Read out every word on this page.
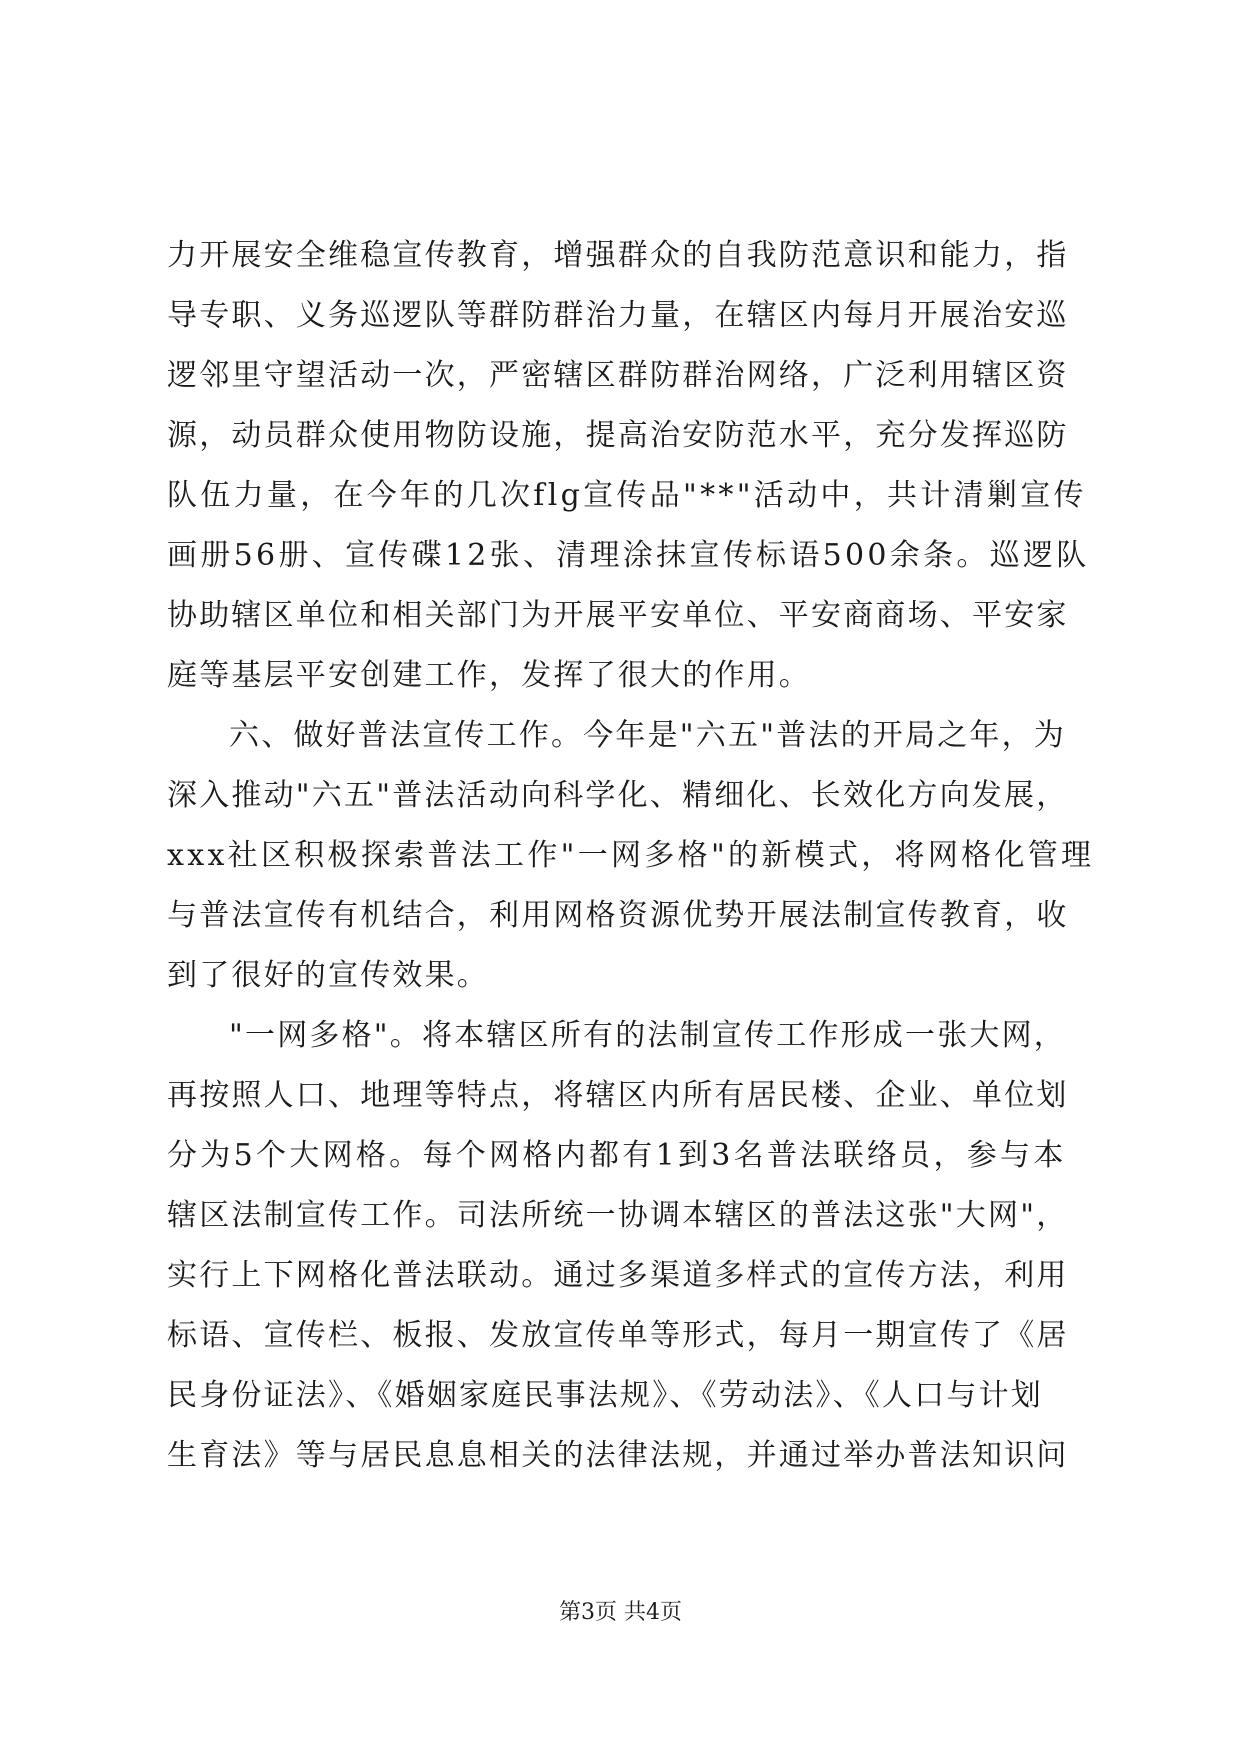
力开展安全维稳宣传教育，增强群众的自我防范意识和能力，指
导专职、义务巡逻队等群防群治力量，在辖区内每月开展治安巡
逻邻里守望活动一次，严密辖区群防群治网络，广泛利用辖区资
源，动员群众使用物防设施，提高治安防范水平，充分发挥巡防
队伍力量，在今年的几次flg宣传品"**"活动中，共计清剿宣传
画册56册、宣传碟12张、清理涂抹宣传标语500余条。巡逻队
协助辖区单位和相关部门为开展平安单位、平安商商场、平安家
庭等基层平安创建工作，发挥了很大的作用。
六、做好普法宣传工作。今年是"六五"普法的开局之年，为
深入推动"六五"普法活动向科学化、精细化、长效化方向发展，
xxx社区积极探索普法工作"一网多格"的新模式，将网格化管理
与普法宣传有机结合，利用网格资源优势开展法制宣传教育，收
到了很好的宣传效果。
"一网多格"。将本辖区所有的法制宣传工作形成一张大网，
再按照人口、地理等特点，将辖区内所有居民楼、企业、单位划
分为5个大网格。每个网格内都有1到3名普法联络员，参与本
辖区法制宣传工作。司法所统一协调本辖区的普法这张"大网"，
实行上下网格化普法联动。通过多渠道多样式的宣传方法，利用
标语、宣传栏、板报、发放宣传单等形式，每月一期宣传了《居
民身份证法》、《婚姻家庭民事法规》、《劳动法》、《人口与计划
生育法》等与居民息息相关的法律法规，并通过举办普法知识问
第3页 共4页
